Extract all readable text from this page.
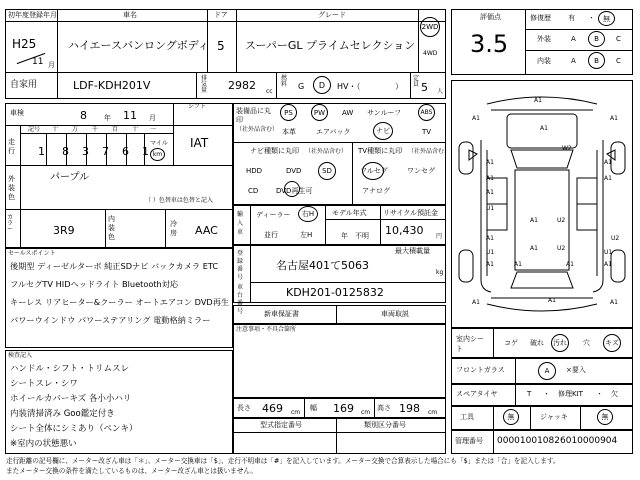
初年度登録年月	車名	ドア	グレード
H25
11 月
ハイエースバンロングボディ 5 スーパーGL プライムセレクション
2WD
4WD
自家用	LDF-KDH201V
排気量 2982 cc
燃料 G D HV・（	）
定員 5 人
車検	8 年 11 月
シフト
IAT
走行
記号 十 万 千 百 十 一
1 8 3 7 6 1
マイル
km
外装色
パープル
（ ）色替車は色替と記入
カラー	3R9
内装色
冷房 AAC
セールスポイント
後期型 ディーゼルターボ 純正SDナビ バックカメラ ETC
フルセグTV HIDヘッドライト Bluetooth対応
キーレス リアヒーター&クーラー オートエアコン DVD再生
パワーウインドウ パワーステアリング 電動格納ミラー
検査記入
ハンドル・シフト・トリムスレ
シートスレ・シワ
ホイールカバーキズ 各小小ハリ
内装清掃済み Goo鑑定付き
シート全体にシミあり（ペンキ）
※室内の状態悪い
装備品に丸印
（社外品含む）
PS	PW AW サンルーフ	ABS
本革	エアバック	ナビ	TV
ナビ種類に丸印 （社外品含む）
HDD	DVD	SD
CD	DVD再生可
TV種類に丸印 （社外品含む）
フルセグ	ワンセグ
アナログ
輸入車
ディーラー 右H
並行	左H
モデル年式
年　不明
リサイクル預託金
10,430 円
登録番号
最大積載量
名古屋401て5063
kg
車台番号
KDH201-0125832
新車保証書	車両取説
注意事項・不具合箇所
長さ 469 cm
幅 169 cm
高さ 198 cm
型式指定番号	類別区分番号
評価点
3.5
修復歴 有 ・ 無
外装	A	B C
内装	A	B C
A1
A1	A1
A1
W2
A1	A1
A1	A1
A1
U1
A1	U2
U2
A1
U1	U1
U2
A1	A1
A1
A1
A1
A1
A1	A1
室内シート
コゲ 破れ 汚れ 穴 キズ
フロントガラス	A ×要入
スペアタイヤ	T ・ 修理KIT ・ 欠
工具	無	ジャッキ	無
管理番号 000010010826010000904
走行距離の記号欄に、メーター改ざん車は「＊」、メーター交換車は「$」、走行不明車は「#」を記入しています。メーター交換で合算表示した場合にも「$」または「合」を記入します。
またメーター交換の条件を満たしているものは、メーター改ざん車とは扱いません。
